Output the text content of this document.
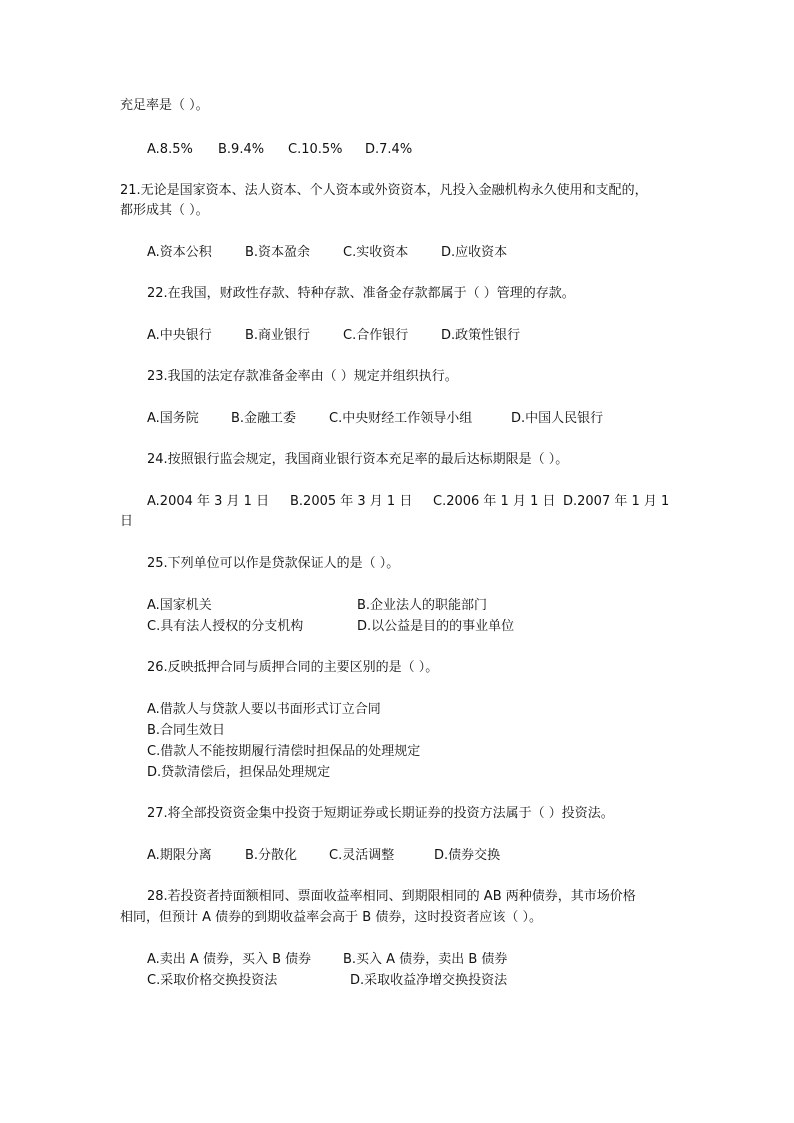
充足率是（ ）。
A.8.5% B.9.4% C.10.5% D.7.4%
21.无论是国家资本、法人资本、个人资本或外资资本，凡投入金融机构永久使用和支配的，
都形成其（ ）。
A.资本公积	B.资本盈余	C.实收资本	D.应收资本
22.在我国，财政性存款、特种存款、准备金存款都属于（ ）管理的存款。
A.中央银行	B.商业银行	C.合作银行	D.政策性银行
23.我国的法定存款准备金率由（ ）规定并组织执行。
A.国务院 B.金融工委	C.中央财经工作领导小组	D.中国人民银行
24.按照银行监会规定，我国商业银行资本充足率的最后达标期限是（ ）。
A.2004 年 3 月 1 日 B.2005 年 3 月 1 日 C.2006 年 1 月 1 日 D.2007 年 1 月 1
日
25.下列单位可以作是贷款保证人的是（ ）。
A.国家机关	B.企业法人的职能部门
C.具有法人授权的分支机构	D.以公益是目的的事业单位
26.反映抵押合同与质押合同的主要区别的是（ ）。
A.借款人与贷款人要以书面形式订立合同
B.合同生效日
C.借款人不能按期履行清偿时担保品的处理规定
D.贷款清偿后，担保品处理规定
27.将全部投资资金集中投资于短期证券或长期证券的投资方法属于（ ）投资法。
A.期限分离	B.分散化 C.灵活调整	D.债券交换
28.若投资者持面额相同、票面收益率相同、到期限相同的 AB 两种债券，其市场价格
相同，但预计 A 债券的到期收益率会高于 B 债券，这时投资者应该（ ）。
A.卖出 A 债券，买入 B 债券 B.买入 A 债券，卖出 B 债券
C.采取价格交换投资法	D.采取收益净增交换投资法
